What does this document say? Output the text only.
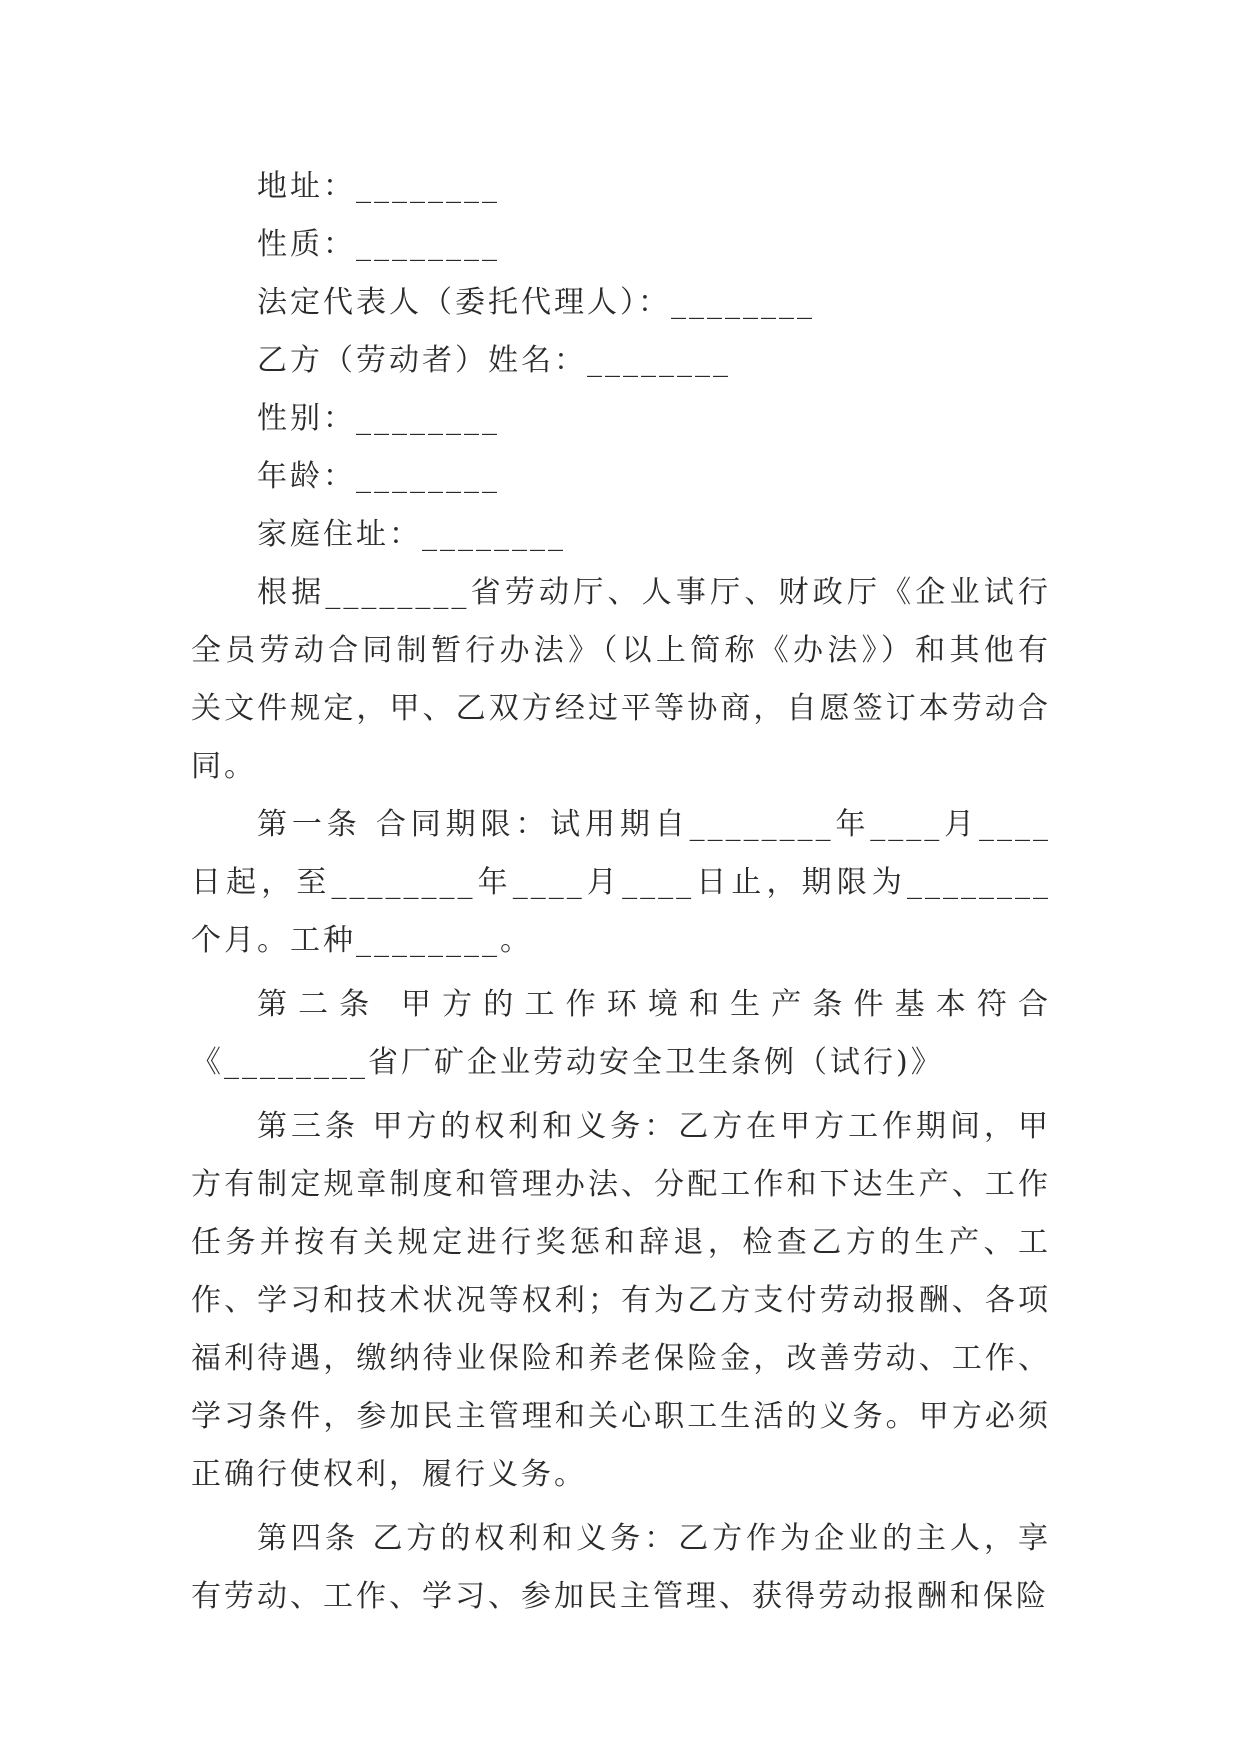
地址：________
性质：________
法定代表人（委托代理人）：________
乙方（劳动者）姓名：________
性别：________
年龄：________
家庭住址：________

根据________省劳动厅、人事厅、财政厅《企业试行全员劳动合同制暂行办法》（以上简称《办法》）和其他有关文件规定，甲、乙双方经过平等协商，自愿签订本劳动合同。

第一条 合同期限：试用期自________年____月____日起，至________年____月____日止，期限为________个月。工种________。

第二条 甲方的工作环境和生产条件基本符合《________省厂矿企业劳动安全卫生条例（试行)》

第三条 甲方的权利和义务：乙方在甲方工作期间，甲方有制定规章制度和管理办法、分配工作和下达生产、工作任务并按有关规定进行奖惩和辞退，检查乙方的生产、工作、学习和技术状况等权利；有为乙方支付劳动报酬、各项福利待遇，缴纳待业保险和养老保险金，改善劳动、工作、学习条件，参加民主管理和关心职工生活的义务。甲方必须正确行使权利，履行义务。

第四条 乙方的权利和义务：乙方作为企业的主人，享有劳动、工作、学习、参加民主管理、获得劳动报酬和保险
